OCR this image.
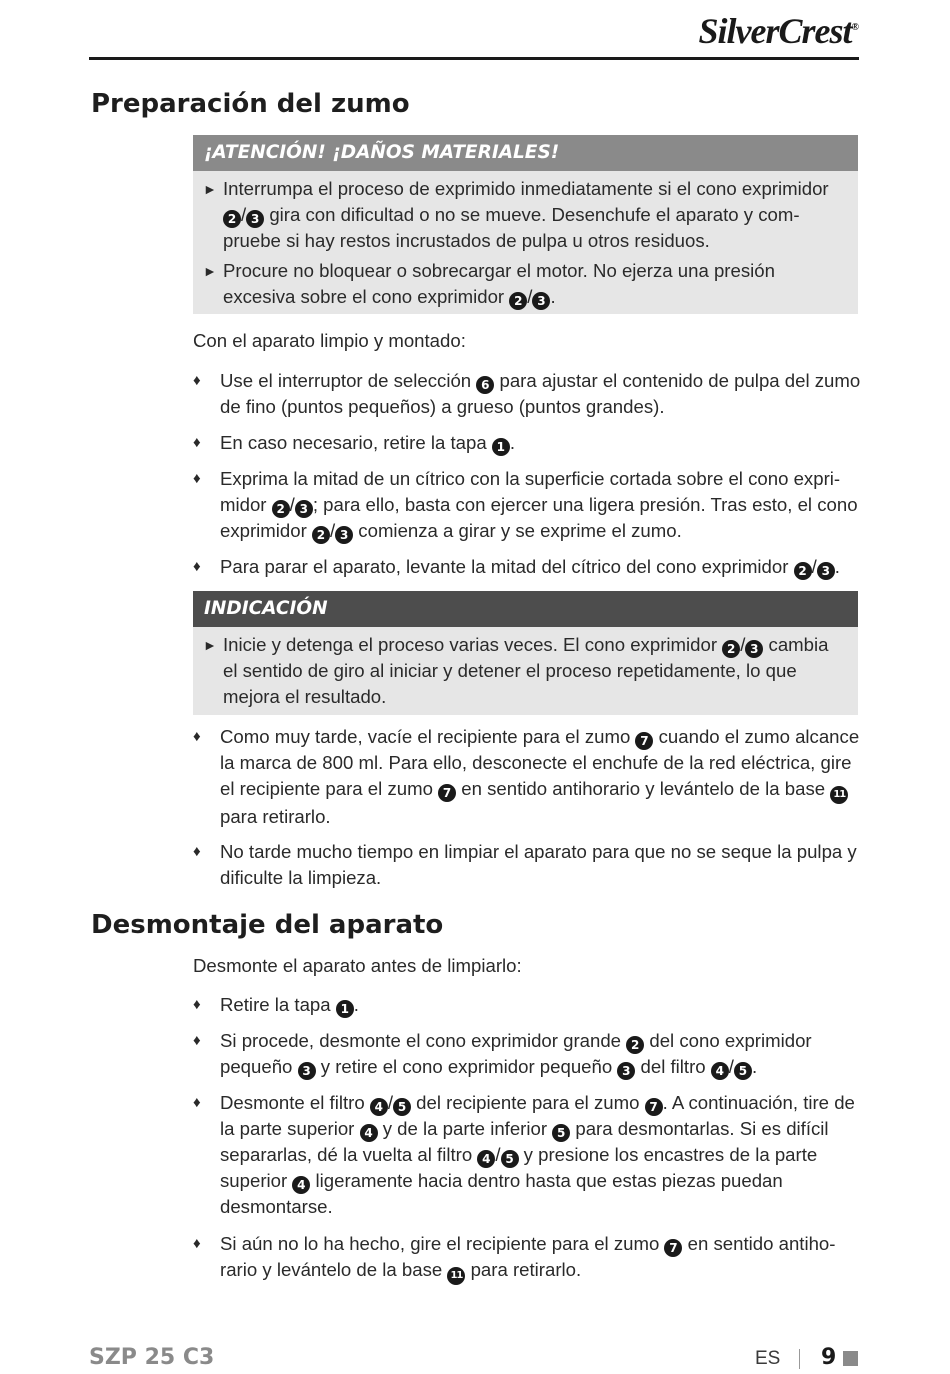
SilverCrest®
Preparación del zumo
¡ATENCIÓN! ¡DAÑOS MATERIALES!
► Interrumpa el proceso de exprimido inmediatamente si el cono exprimidor 2 / 3 gira con dificultad o no se mueve. Desenchufe el aparato y com-pruebe si hay restos incrustados de pulpa u otros residuos.
► Procure no bloquear o sobrecargar el motor. No ejerza una presión excesiva sobre el cono exprimidor 2 / 3 .
Con el aparato limpio y montado:
♦ Use el interruptor de selección 6 para ajustar el contenido de pulpa del zumo de fino (puntos pequeños) a grueso (puntos grandes).
♦ En caso necesario, retire la tapa 1 .
♦ Exprima la mitad de un cítrico con la superficie cortada sobre el cono expri-midor 2 / 3 ; para ello, basta con ejercer una ligera presión. Tras esto, el cono exprimidor 2 / 3 comienza a girar y se exprime el zumo.
♦ Para parar el aparato, levante la mitad del cítrico del cono exprimidor 2 / 3 .
INDICACIÓN
► Inicie y detenga el proceso varias veces. El cono exprimidor 2 / 3 cambia el sentido de giro al iniciar y detener el proceso repetidamente, lo que mejora el resultado.
♦ Como muy tarde, vacíe el recipiente para el zumo 7 cuando el zumo alcance la marca de 800 ml. Para ello, desconecte el enchufe de la red eléctrica, gire el recipiente para el zumo 7 en sentido antihorario y levántelo de la base 11 para retirarlo.
♦ No tarde mucho tiempo en limpiar el aparato para que no se seque la pulpa y dificulte la limpieza.
Desmontaje del aparato
Desmonte el aparato antes de limpiarlo:
♦ Retire la tapa 1 .
♦ Si procede, desmonte el cono exprimidor grande 2 del cono exprimidor pequeño 3 y retire el cono exprimidor pequeño 3 del filtro 4 / 5 .
♦ Desmonte el filtro 4 / 5 del recipiente para el zumo 7 . A continuación, tire de la parte superior 4 y de la parte inferior 5 para desmontarlas. Si es difícil separarlas, dé la vuelta al filtro 4 / 5 y presione los encastres de la parte superior 4 ligeramente hacia dentro hasta que estas piezas puedan desmontarse.
♦ Si aún no lo ha hecho, gire el recipiente para el zumo 7 en sentido antiho-rario y levántelo de la base 11 para retirarlo.
SZP 25 C3	ES 9
